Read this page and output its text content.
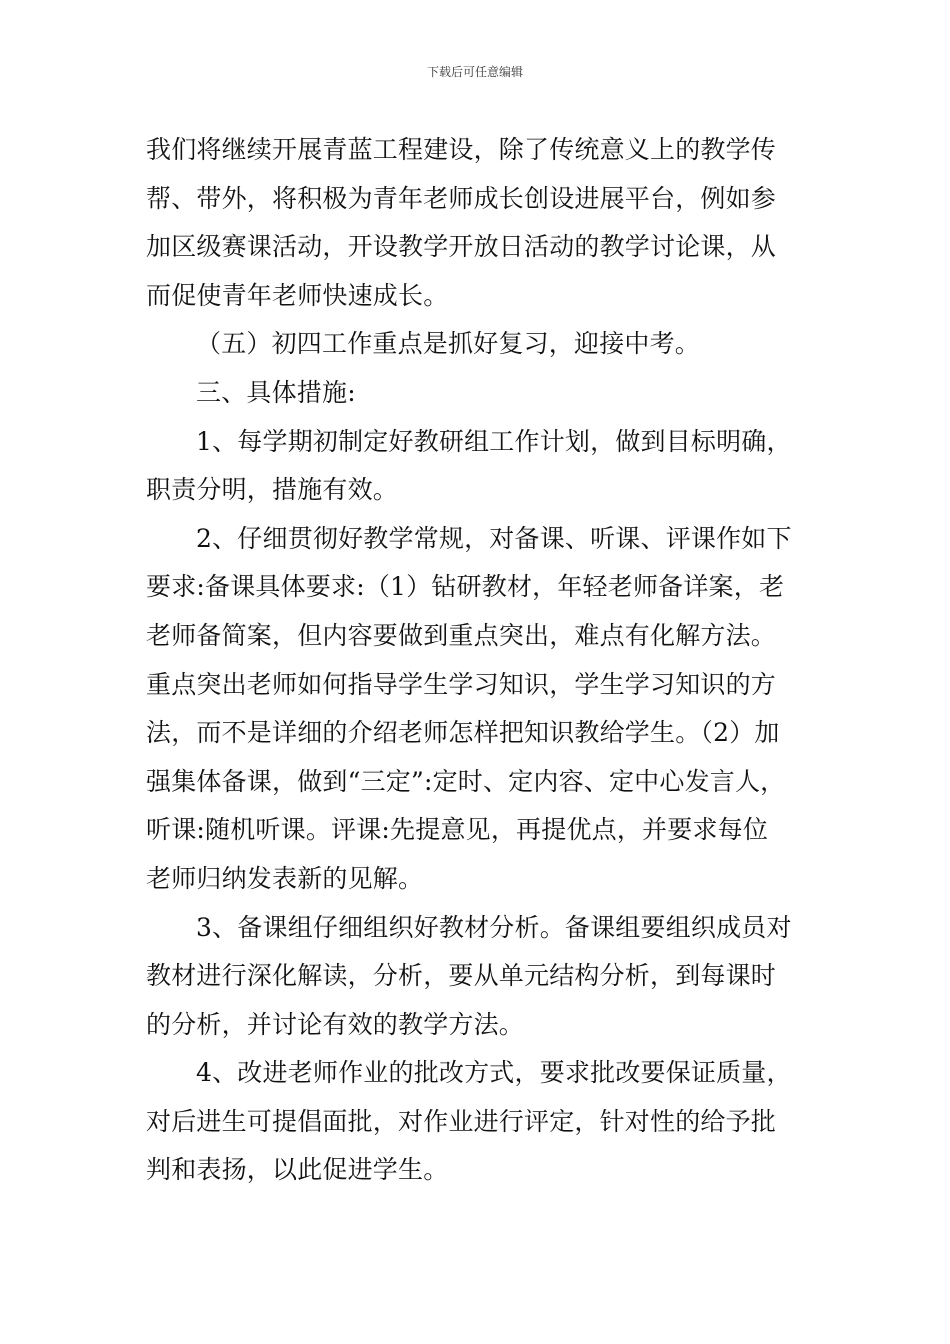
下载后可任意编辑

我们将继续开展青蓝工程建设，除了传统意义上的教学传
帮、带外，将积极为青年老师成长创设进展平台，例如参
加区级赛课活动，开设教学开放日活动的教学讨论课，从
而促使青年老师快速成长。

（五）初四工作重点是抓好复习，迎接中考。

三、具体措施:

1、每学期初制定好教研组工作计划，做到目标明确，
职责分明，措施有效。

2、仔细贯彻好教学常规，对备课、听课、评课作如下
要求:备课具体要求:（1）钻研教材，年轻老师备详案，老
老师备简案，但内容要做到重点突出，难点有化解方法。
重点突出老师如何指导学生学习知识，学生学习知识的方
法，而不是详细的介绍老师怎样把知识教给学生。（2）加
强集体备课，做到“三定”:定时、定内容、定中心发言人，
听课:随机听课。评课:先提意见，再提优点，并要求每位
老师归纳发表新的见解。

3、备课组仔细组织好教材分析。备课组要组织成员对
教材进行深化解读，分析，要从单元结构分析，到每课时
的分析，并讨论有效的教学方法。

4、改进老师作业的批改方式，要求批改要保证质量，
对后进生可提倡面批，对作业进行评定，针对性的给予批
判和表扬，以此促进学生。
